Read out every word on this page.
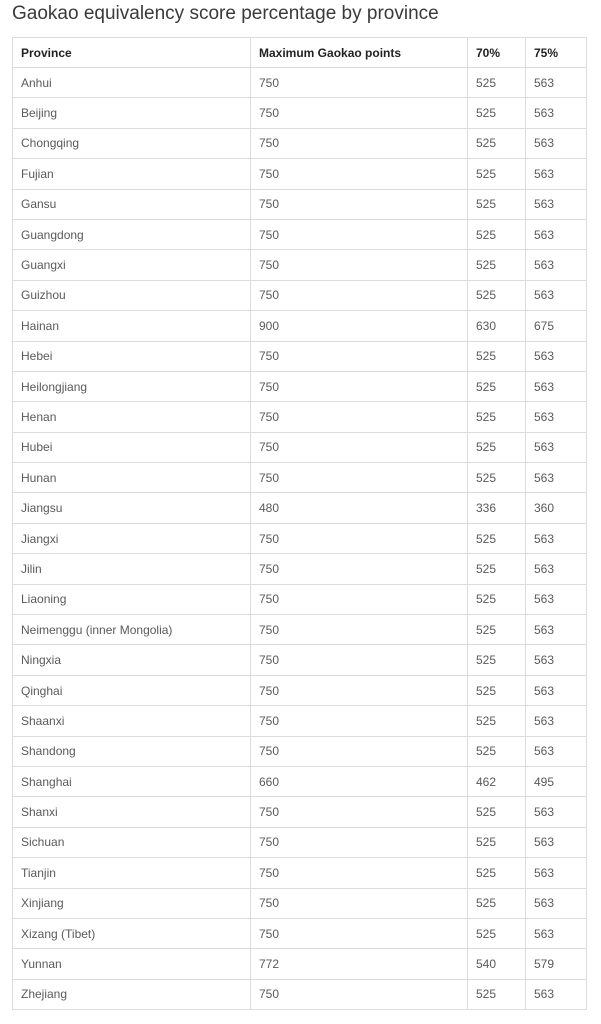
Gaokao equivalency score percentage by province
Province	Maximum Gaokao points	70%	75%
Anhui	750	525	563
Beijing	750	525	563
Chongqing	750	525	563
Fujian	750	525	563
Gansu	750	525	563
Guangdong	750	525	563
Guangxi	750	525	563
Guizhou	750	525	563
Hainan	900	630	675
Hebei	750	525	563
Heilongjiang	750	525	563
Henan	750	525	563
Hubei	750	525	563
Hunan	750	525	563
Jiangsu	480	336	360
Jiangxi	750	525	563
Jilin	750	525	563
Liaoning	750	525	563
Neimenggu (inner Mongolia)	750	525	563
Ningxia	750	525	563
Qinghai	750	525	563
Shaanxi	750	525	563
Shandong	750	525	563
Shanghai	660	462	495
Shanxi	750	525	563
Sichuan	750	525	563
Tianjin	750	525	563
Xinjiang	750	525	563
Xizang (Tibet)	750	525	563
Yunnan	772	540	579
Zhejiang	750	525	563
